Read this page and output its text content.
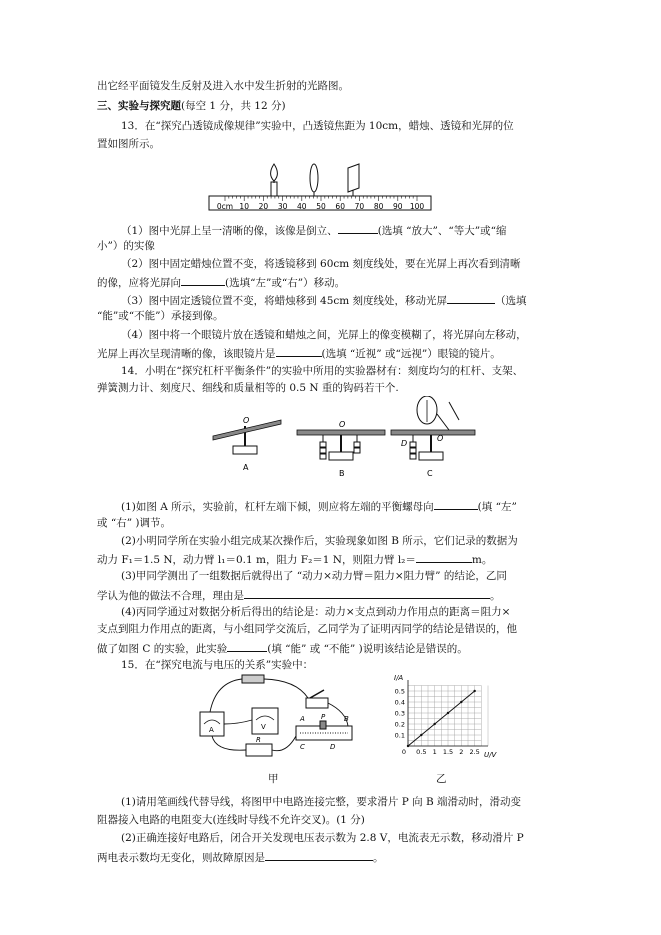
出它经平面镜发生反射及进入水中发生折射的光路图。
三、实验与探究题(每空 1 分，共 12 分)
13．在“探究凸透镜成像规律”实验中，凸透镜焦距为 10cm，蜡烛、透镜和光屏的位
置如图所示。
0cm 10 20 30 40 50 60 70 80 90 100
（1）图中光屏上呈一清晰的像，该像是倒立、	(选填 “放大”、“等大”或“缩
小”）的实像
（2）图中固定蜡烛位置不变，将透镜移到 60cm 刻度线处，要在光屏上再次看到清晰
的像，应将光屏向	(选填“左”或“右”）移动。
（3）图中固定透镜位置不变，将蜡烛移到 45cm 刻度线处，移动光屏	（选填
“能”或“不能”）承接到像。
（4）图中将一个眼镜片放在透镜和蜡烛之间，光屏上的像变模糊了，将光屏向左移动，
光屏上再次呈现清晰的像，该眼镜片是	(选填 “近视” 或“远视”）眼镜的镜片。
14．小明在“探究杠杆平衡条件”的实验中所用的实验器材有：刻度均匀的杠杆、支架、
弹簧测力计、刻度尺、细线和质量相等的 0.5 N 重的钩码若干个.
O
A
O
B
O
D
C
(1)如图 A 所示，实验前，杠杆左端下倾，则应将左端的平衡螺母向	(填 “左”
或 “右” )调节。
(2)小明同学所在实验小组完成某次操作后，实验现象如图 B 所示，它们记录的数据为
动力 F₁＝1.5 N，动力臂 l₁＝0.1 m，阻力 F₂＝1 N，则阻力臂 l₂＝	m。
(3)甲同学测出了一组数据后就得出了 “动力×动力臂＝阻力×阻力臂” 的结论，乙同
学认为他的做法不合理，理由是	。
(4)丙同学通过对数据分析后得出的结论是：动力×支点到动力作用点的距离＝阻力×
支点到阻力作用点的距离，与小组同学交流后，乙同学为了证明丙同学的结论是错误的，他
做了如图 C 的实验，此实验	(填 “能” 或 “不能” )说明该结论是错误的。
15．在“探究电流与电压的关系”实验中：
A	V
R
A P	B
C	D
甲
I/A
U/V
0.5
0.4
0.3
0.2
0.1
0 0.5 1 1.5 2 2.5
乙
(1)请用笔画线代替导线，将图甲中电路连接完整，要求滑片 P 向 B 端滑动时，滑动变
阻器接入电路的电阻变大(连线时导线不允许交叉)。(1 分)
(2)正确连接好电路后，闭合开关发现电压表示数为 2.8 V，电流表无示数，移动滑片 P
两电表示数均无变化，则故障原因是	。
